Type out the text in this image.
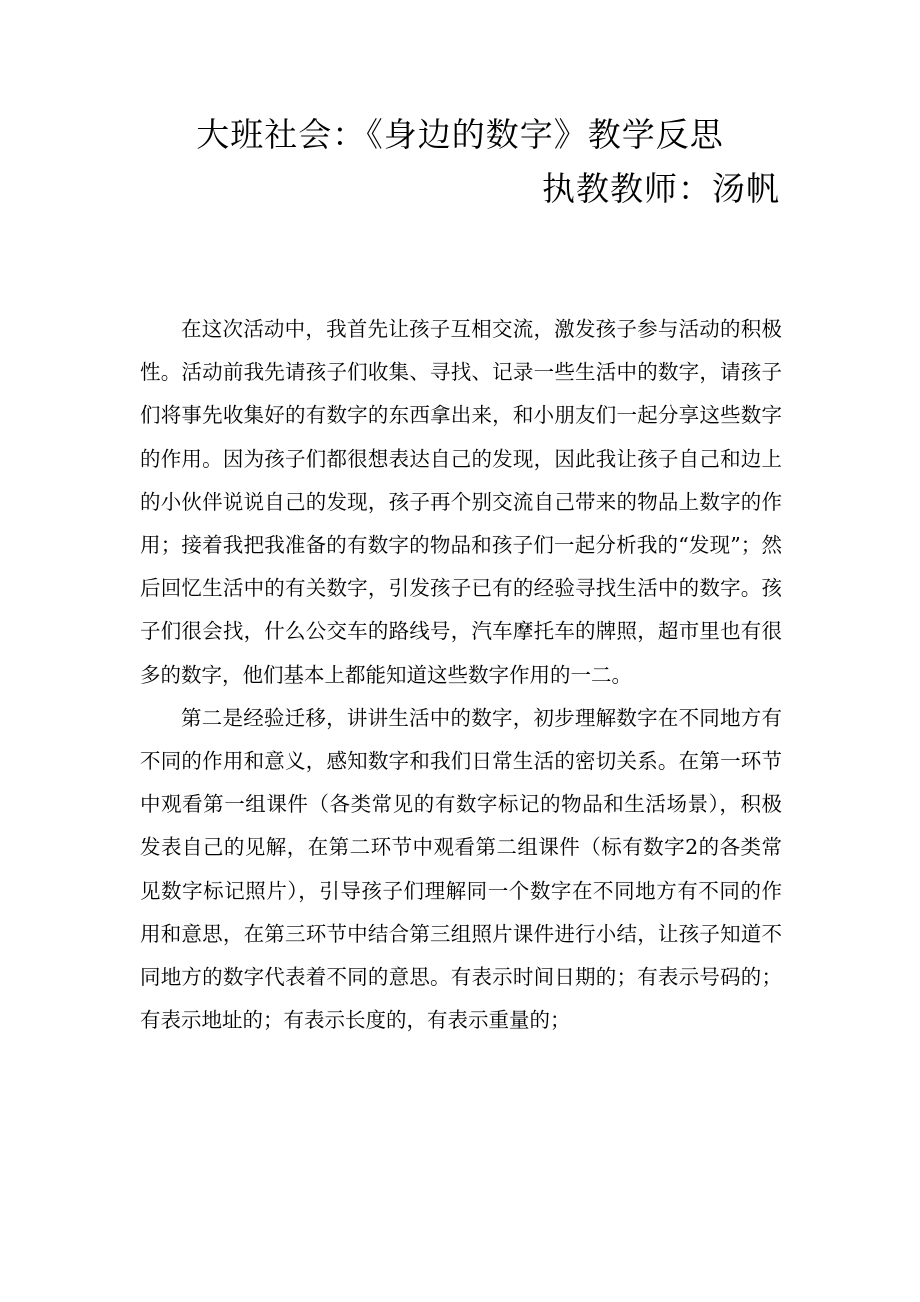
大班社会：《身边的数字》教学反思
执教教师：汤帆

在这次活动中，我首先让孩子互相交流，激发孩子参与活动的积极性。活动前我先请孩子们收集、寻找、记录一些生活中的数字，请孩子们将事先收集好的有数字的东西拿出来，和小朋友们一起分享这些数字的作用。因为孩子们都很想表达自己的发现，因此我让孩子自己和边上的小伙伴说说自己的发现，孩子再个别交流自己带来的物品上数字的作用；接着我把我准备的有数字的物品和孩子们一起分析我的“发现”；然后回忆生活中的有关数字，引发孩子已有的经验寻找生活中的数字。孩子们很会找，什么公交车的路线号，汽车摩托车的牌照，超市里也有很多的数字，他们基本上都能知道这些数字作用的一二。

第二是经验迁移，讲讲生活中的数字，初步理解数字在不同地方有不同的作用和意义，感知数字和我们日常生活的密切关系。在第一环节中观看第一组课件（各类常见的有数字标记的物品和生活场景），积极发表自己的见解，在第二环节中观看第二组课件（标有数字2的各类常见数字标记照片），引导孩子们理解同一个数字在不同地方有不同的作用和意思，在第三环节中结合第三组照片课件进行小结，让孩子知道不同地方的数字代表着不同的意思。有表示时间日期的；有表示号码的；有表示地址的；有表示长度的，有表示重量的；
